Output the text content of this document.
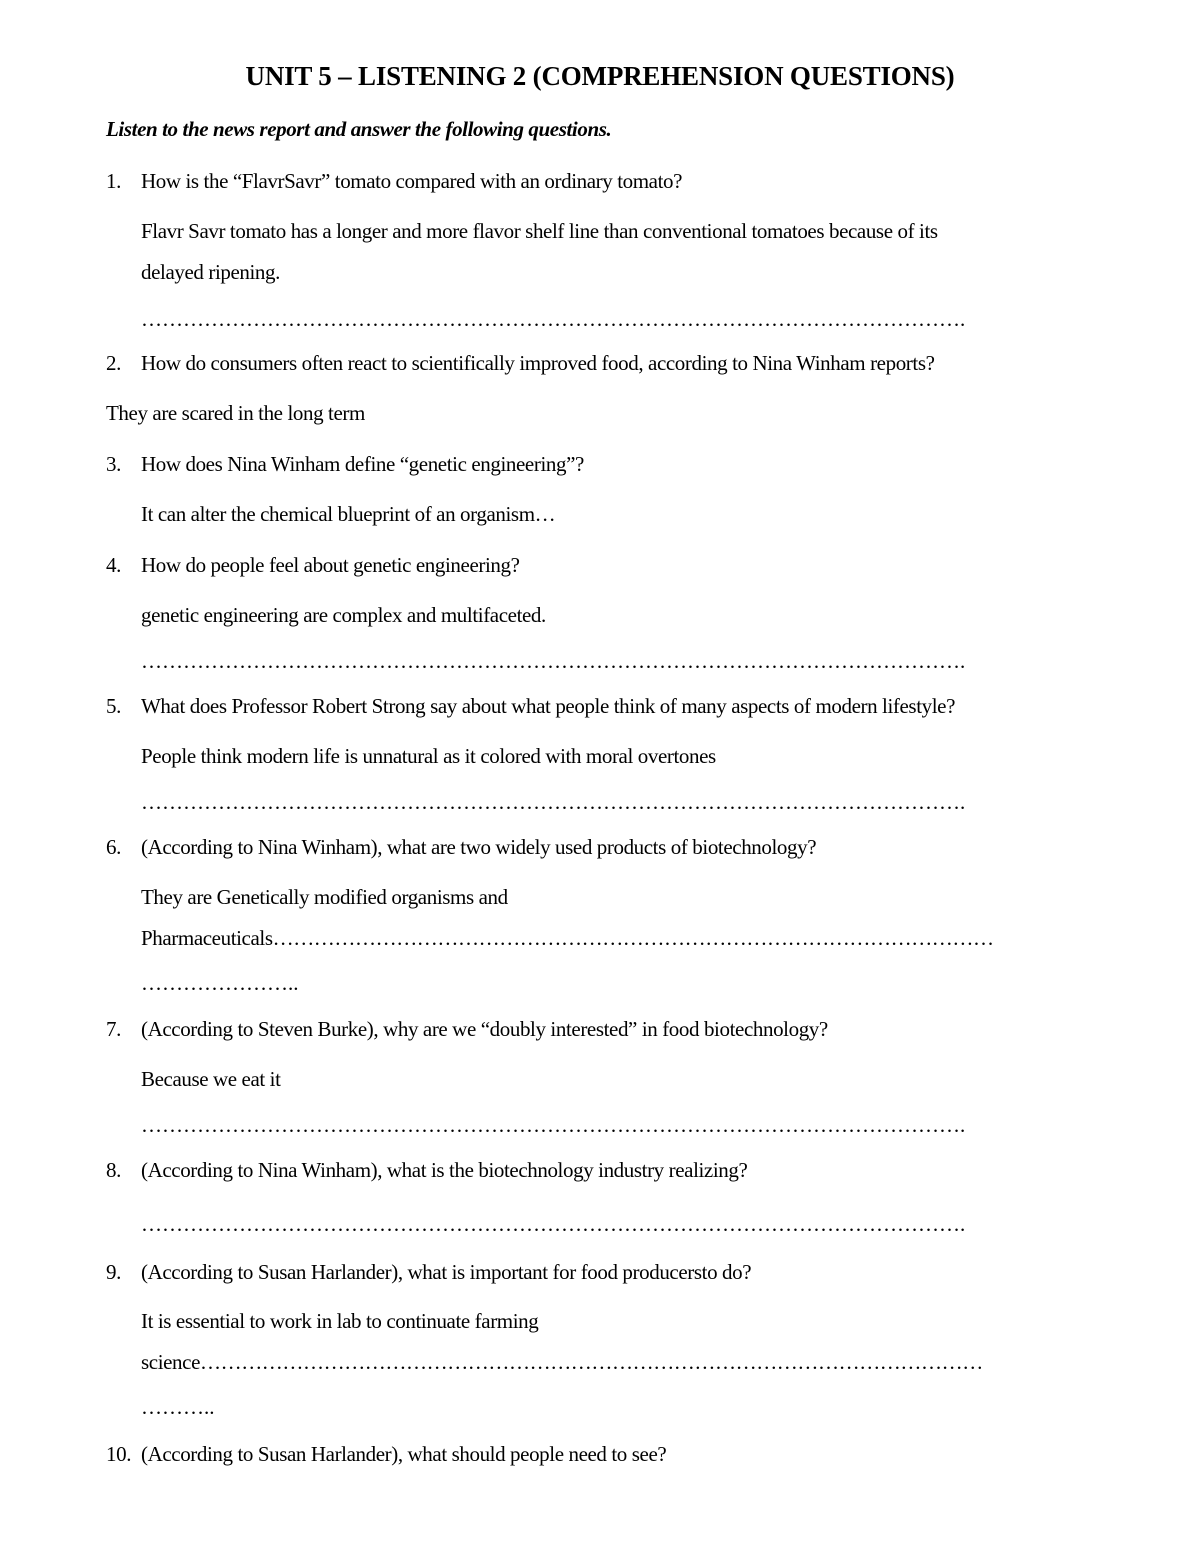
UNIT 5 – LISTENING 2 (COMPREHENSION QUESTIONS)
Listen to the news report and answer the following questions.
1. How is the “FlavrSavr” tomato compared with an ordinary tomato?
Flavr Savr tomato has a longer and more flavor shelf line than conventional tomatoes because of its
delayed ripening.
……………………………………………………………………………………………………….
2. How do consumers often react to scientifically improved food, according to Nina Winham reports?
They are scared in the long term
3. How does Nina Winham define “genetic engineering”?
It can alter the chemical blueprint of an organism…
4. How do people feel about genetic engineering?
genetic engineering are complex and multifaceted.
……………………………………………………………………………………………………….
5. What does Professor Robert Strong say about what people think of many aspects of modern lifestyle?
People think modern life is unnatural as it colored with moral overtones
……………………………………………………………………………………………………….
6. (According to Nina Winham), what are two widely used products of biotechnology?
They are Genetically modified organisms and
Pharmaceuticals……………………………………………………………………………………………
…………………..
7. (According to Steven Burke), why are we “doubly interested” in food biotechnology?
Because we eat it
……………………………………………………………………………………………………….
8. (According to Nina Winham), what is the biotechnology industry realizing?
……………………………………………………………………………………………………….
9. (According to Susan Harlander), what is important for food producersto do?
It is essential to work in lab to continuate farming
science……………………………………………………………………………………………………
………..
10. (According to Susan Harlander), what should people need to see?
